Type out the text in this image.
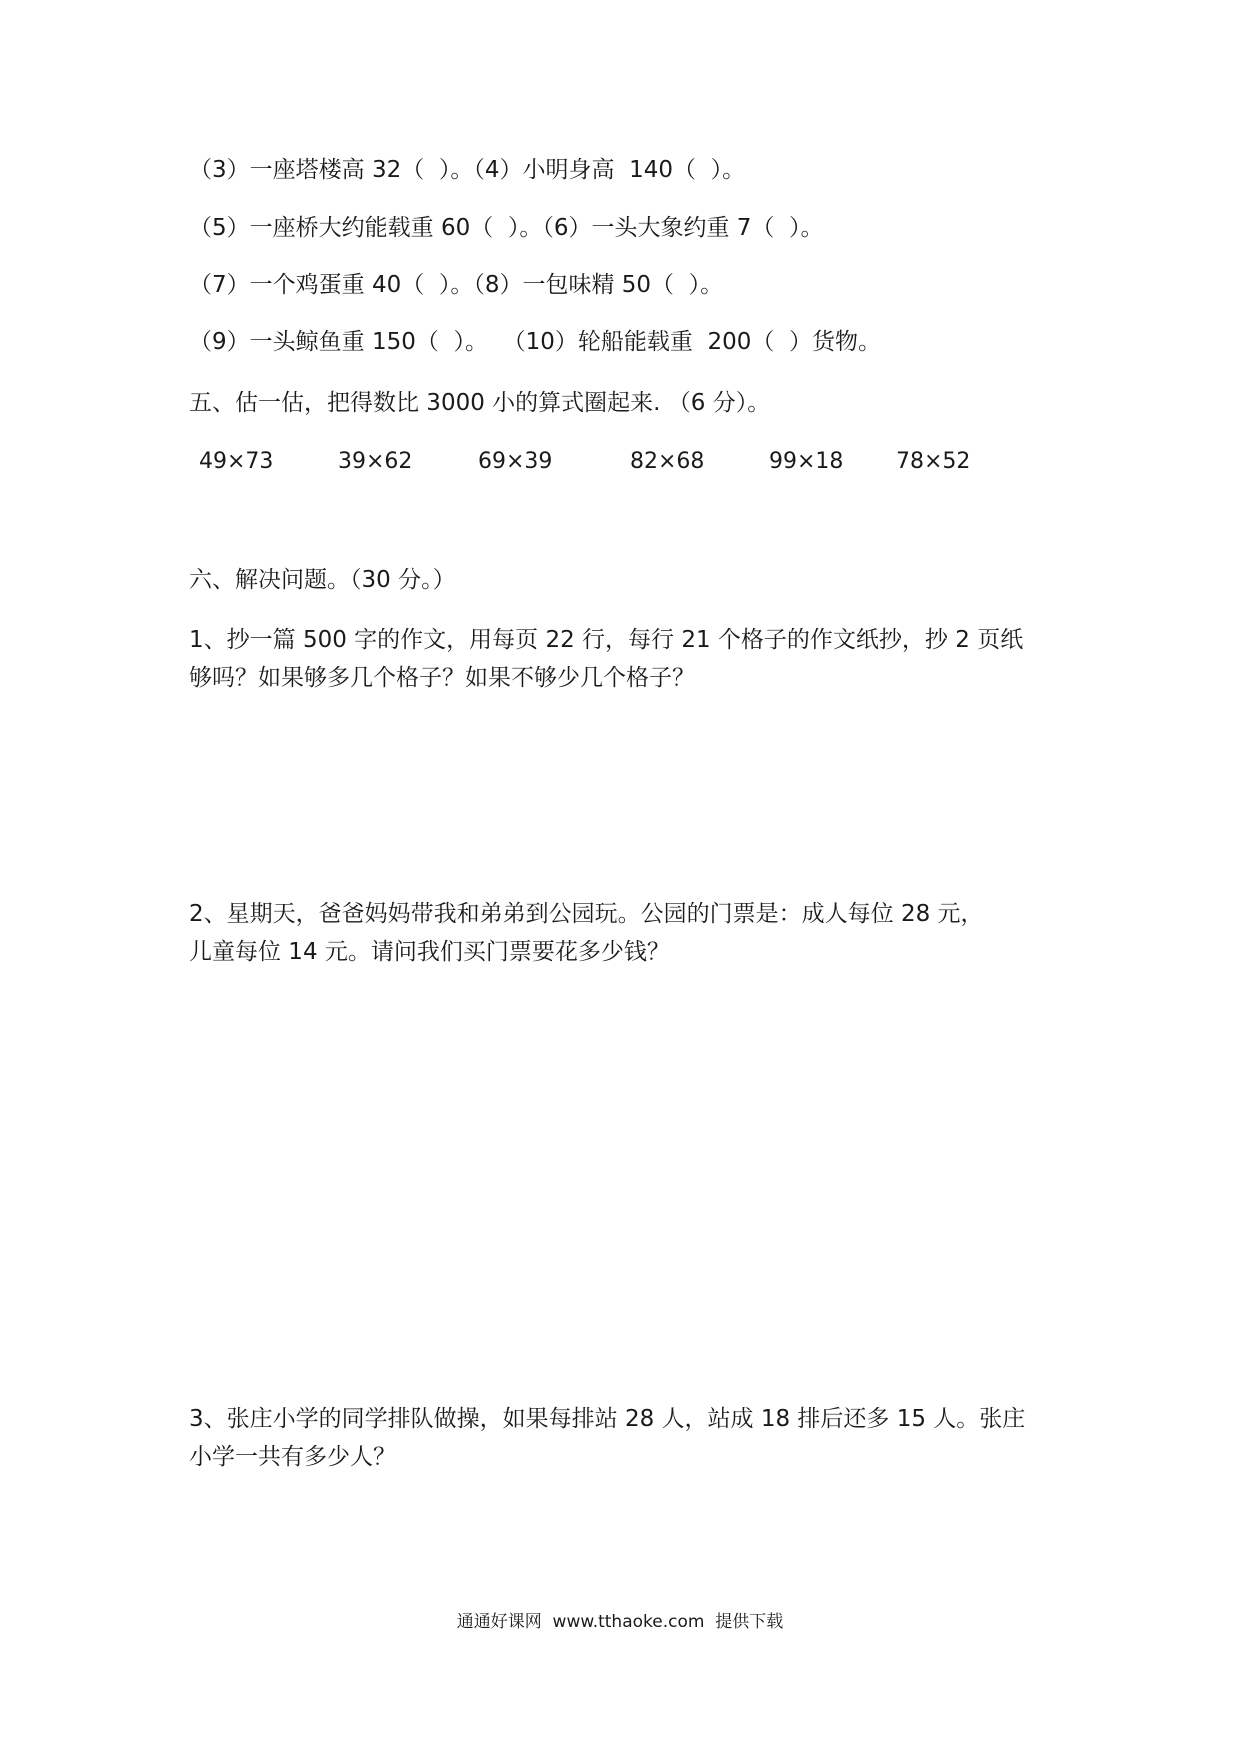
（3）一座塔楼高 32（  ）。（4）小明身高  140（  ）。
（5）一座桥大约能载重 60（  ）。（6）一头大象约重 7（  ）。
（7）一个鸡蛋重 40（  ）。（8）一包味精 50（  ）。
（9）一头鲸鱼重 150（  ）。  （10）轮船能载重  200（  ）货物。
五、估一估，把得数比 3000 小的算式圈起来. （6 分）。
49×73	39×62	69×39	82×68	99×18 78×52
六、解决问题。（30 分。）
1、抄一篇 500 字的作文，用每页 22 行，每行 21 个格子的作文纸抄，抄 2 页纸
够吗？如果够多几个格子？如果不够少几个格子？
2、星期天，爸爸妈妈带我和弟弟到公园玩。公园的门票是：成人每位 28 元，
儿童每位 14 元。请问我们买门票要花多少钱？
3、张庄小学的同学排队做操，如果每排站 28 人，站成 18 排后还多 15 人。张庄
小学一共有多少人？
通通好课网  www.tthaoke.com  提供下载
